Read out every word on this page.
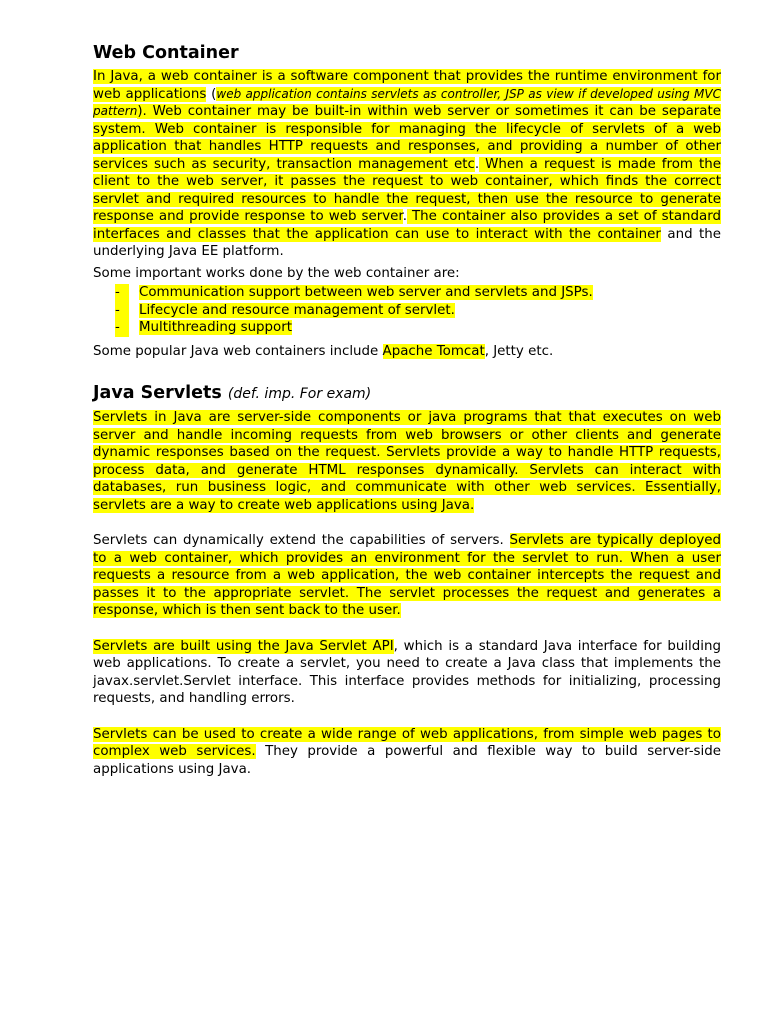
Web Container

In Java, a web container is a software component that provides the runtime environment for web applications (web application contains servlets as controller, JSP as view if developed using MVC pattern). Web container may be built-in within web server or sometimes it can be separate system. Web container is responsible for managing the lifecycle of servlets of a web application that handles HTTP requests and responses, and providing a number of other services such as security, transaction management etc. When a request is made from the client to the web server, it passes the request to web container, which finds the correct servlet and required resources to handle the request, then use the resource to generate response and provide response to web server. The container also provides a set of standard interfaces and classes that the application can use to interact with the container and the underlying Java EE platform.

Some important works done by the web container are:

-	Communication support between web server and servlets and JSPs.
-	Lifecycle and resource management of servlet.
-	Multithreading support

Some popular Java web containers include Apache Tomcat, Jetty etc.

Java Servlets (def. imp. For exam)

Servlets in Java are server-side components or java programs that that executes on web server and handle incoming requests from web browsers or other clients and generate dynamic responses based on the request. Servlets provide a way to handle HTTP requests, process data, and generate HTML responses dynamically. Servlets can interact with databases, run business logic, and communicate with other web services. Essentially, servlets are a way to create web applications using Java.

Servlets can dynamically extend the capabilities of servers. Servlets are typically deployed to a web container, which provides an environment for the servlet to run. When a user requests a resource from a web application, the web container intercepts the request and passes it to the appropriate servlet. The servlet processes the request and generates a response, which is then sent back to the user.

Servlets are built using the Java Servlet API, which is a standard Java interface for building web applications. To create a servlet, you need to create a Java class that implements the javax.servlet.Servlet interface. This interface provides methods for initializing, processing requests, and handling errors.

Servlets can be used to create a wide range of web applications, from simple web pages to complex web services. They provide a powerful and flexible way to build server-side applications using Java.
